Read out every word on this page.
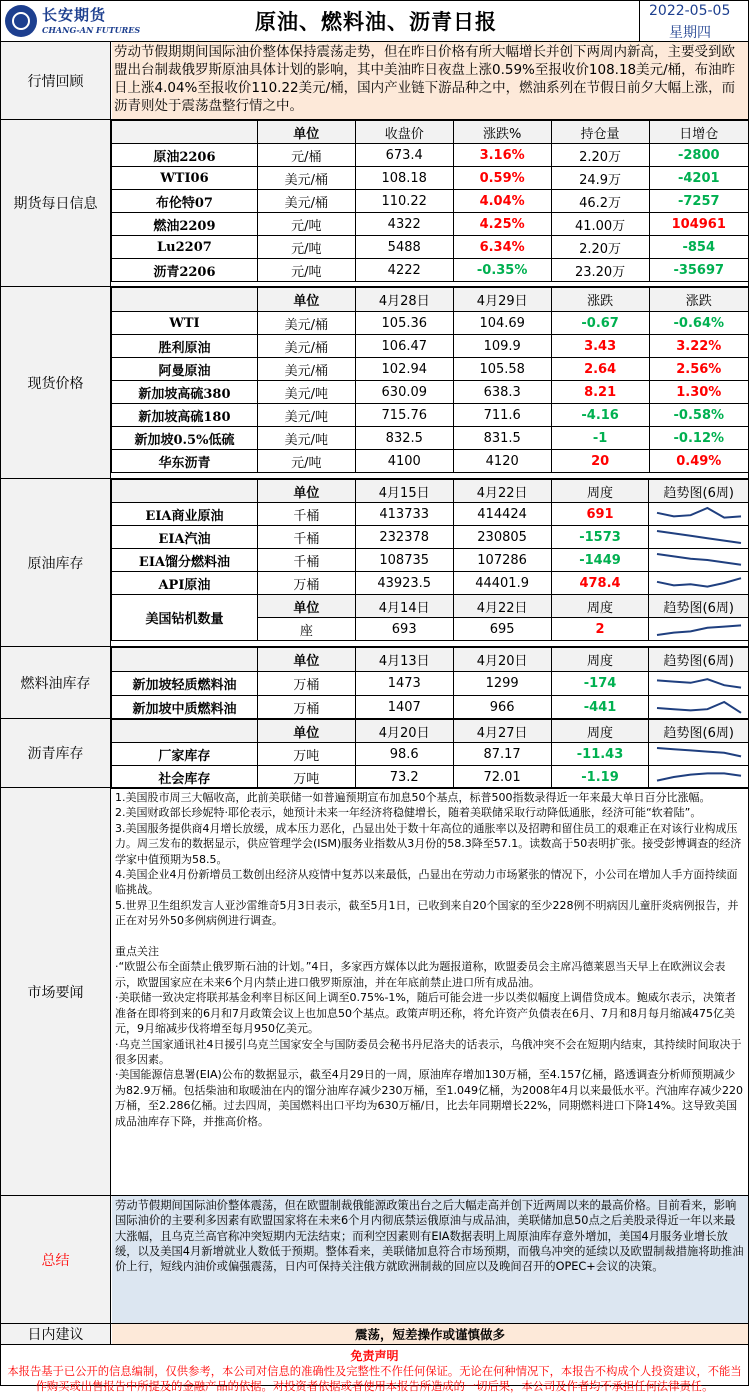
长安期货
CHANG-AN FUTURES	原油、燃料油、沥青日报	2022-05-05
星期四
行情回顾
劳动节假期期间国际油价整体保持震荡走势，但在昨日价格有所大幅增长并创下两周内新高，主要受到欧盟出台制裁俄罗斯原油具体计划的影响，其中美油昨日夜盘上涨0.59%至报收价108.18美元/桶，布油昨日上涨4.04%至报收价110.22美元/桶，国内产业链下游品种之中，燃油系列在节假日前夕大幅上涨，而沥青则处于震荡盘整行情之中。
期货每日信息
	单位	收盘价	涨跌%	持仓量	日增仓
原油2206	元/桶	673.4	3.16%	2.20万	-2800
WTI06	美元/桶	108.18	0.59%	24.9万	-4201
布伦特07	美元/桶	110.22	4.04%	46.2万	-7257
燃油2209	元/吨	4322	4.25%	41.00万	104961
Lu2207	元/吨	5488	6.34%	2.20万	-854
沥青2206	元/吨	4222	-0.35%	23.20万	-35697
现货价格
	单位	4月28日	4月29日	涨跌	涨跌
WTI	美元/桶	105.36	104.69	-0.67	-0.64%
胜利原油	美元/桶	106.47	109.9	3.43	3.22%
阿曼原油	美元/桶	102.94	105.58	2.64	2.56%
新加坡高硫380	美元/吨	630.09	638.3	8.21	1.30%
新加坡高硫180	美元/吨	715.76	711.6	-4.16	-0.58%
新加坡0.5%低硫	美元/吨	832.5	831.5	-1	-0.12%
华东沥青	元/吨	4100	4120	20	0.49%
原油库存
	单位	4月15日	4月22日	周度	趋势图(6周)
EIA商业原油	千桶	413733	414424	691	

EIA汽油	千桶	232378	230805	-1573	

EIA馏分燃料油	千桶	108735	107286	-1449	

API原油	万桶	43923.5	44401.9	478.4	

美国钻机数量	单位	4月14日	4月22日	周度	趋势图(6周)
	座	693	695	2	
燃料油库存
	单位	4月13日	4月20日	周度	趋势图(6周)
新加坡轻质燃料油	万桶	1473	1299	-174	

新加坡中质燃料油	万桶	1407	966	-441	
沥青库存
	单位	4月20日	4月27日	周度	趋势图(6周)
厂家库存	万吨	98.6	87.17	-11.43	

社会库存	万吨	73.2	72.01	-1.19	
市场要闻

1.美国股市周三大幅收高，此前美联储一如普遍预期宣布加息50个基点，标普500指数录得近一年来最大单日百分比涨幅。

2.美国财政部长珍妮特·耶伦表示，她预计未来一年经济将稳健增长，随着美联储采取行动降低通胀，经济可能“软着陆”。

3.美国服务提供商4月增长放缓，成本压力恶化，凸显出处于数十年高位的通胀率以及招聘和留住员工的艰难正在对该行业构成压力。周三发布的数据显示，供应管理学会(ISM)服务业指数从3月份的58.3降至57.1。读数高于50表明扩张。接受彭博调查的经济学家中值预期为58.5。

4.美国企业4月份新增员工数创出经济从疫情中复苏以来最低，凸显出在劳动力市场紧张的情况下，小公司在增加人手方面持续面临挑战。

5.世界卫生组织发言人亚沙雷维奇5月3日表示，截至5月1日，已收到来自20个国家的至少228例不明病因儿童肝炎病例报告，并正在对另外50多例病例进行调查。

重点关注

·“欧盟公布全面禁止俄罗斯石油的计划。”4日，多家西方媒体以此为题报道称，欧盟委员会主席冯德莱恩当天早上在欧洲议会表示，欧盟国家应在未来6个月内禁止进口俄罗斯原油，并在年底前禁止进口所有成品油。

·美联储一致决定将联邦基金利率目标区间上调至0.75%-1%，随后可能会进一步以类似幅度上调借贷成本。鲍威尔表示，决策者准备在即将到来的6月和7月政策会议上也加息50个基点。政策声明还称，将允许资产负债表在6月、7月和8月每月缩减475亿美元，9月缩减步伐将增至每月950亿美元。

·乌克兰国家通讯社4日援引乌克兰国家安全与国防委员会秘书丹尼洛夫的话表示，乌俄冲突不会在短期内结束，其持续时间取决于很多因素。

·美国能源信息署(EIA)公布的数据显示，截至4月29日的一周，原油库存增加130万桶，至4.157亿桶，路透调查分析师预期减少为82.9万桶。包括柴油和取暖油在内的馏分油库存减少230万桶，至1.049亿桶，为2008年4月以来最低水平。汽油库存减少220万桶，至2.286亿桶。过去四周，美国燃料出口平均为630万桶/日，比去年同期增长22%，同期燃料进口下降14%。这导致美国成品油库存下降，并推高价格。

总结
劳动节假期间国际油价整体震荡，但在欧盟制裁俄能源政策出台之后大幅走高并创下近两周以来的最高价格。目前看来，影响国际油价的主要利多因素有欧盟国家将在未来6个月内彻底禁运俄原油与成品油，美联储加息50点之后美股录得近一年以来最大涨幅，且乌克兰高官称冲突短期内无法结束；而利空因素则有EIA数据表明上周原油库存意外增加，美国4月服务业增长放缓，以及美国4月新增就业人数低于预期。整体看来，美联储加息符合市场预期，而俄乌冲突的延续以及欧盟制裁措施将助推油价上行，短线内油价或偏强震荡，日内可保持关注俄方就欧洲制裁的回应以及晚间召开的OPEC+会议的决策。
日内建议	震荡，短差操作或谨慎做多
免责声明
本报告基于已公开的信息编制，仅供参考，本公司对信息的准确性及完整性不作任何保证。无论在何种情况下，本报告不构成个人投资建议，不能当作购买或出售报告中所提及的金融产品的依据。对投资者依据或者使用本报告所造成的一切后果，本公司及作者均不承担任何法律责任。
